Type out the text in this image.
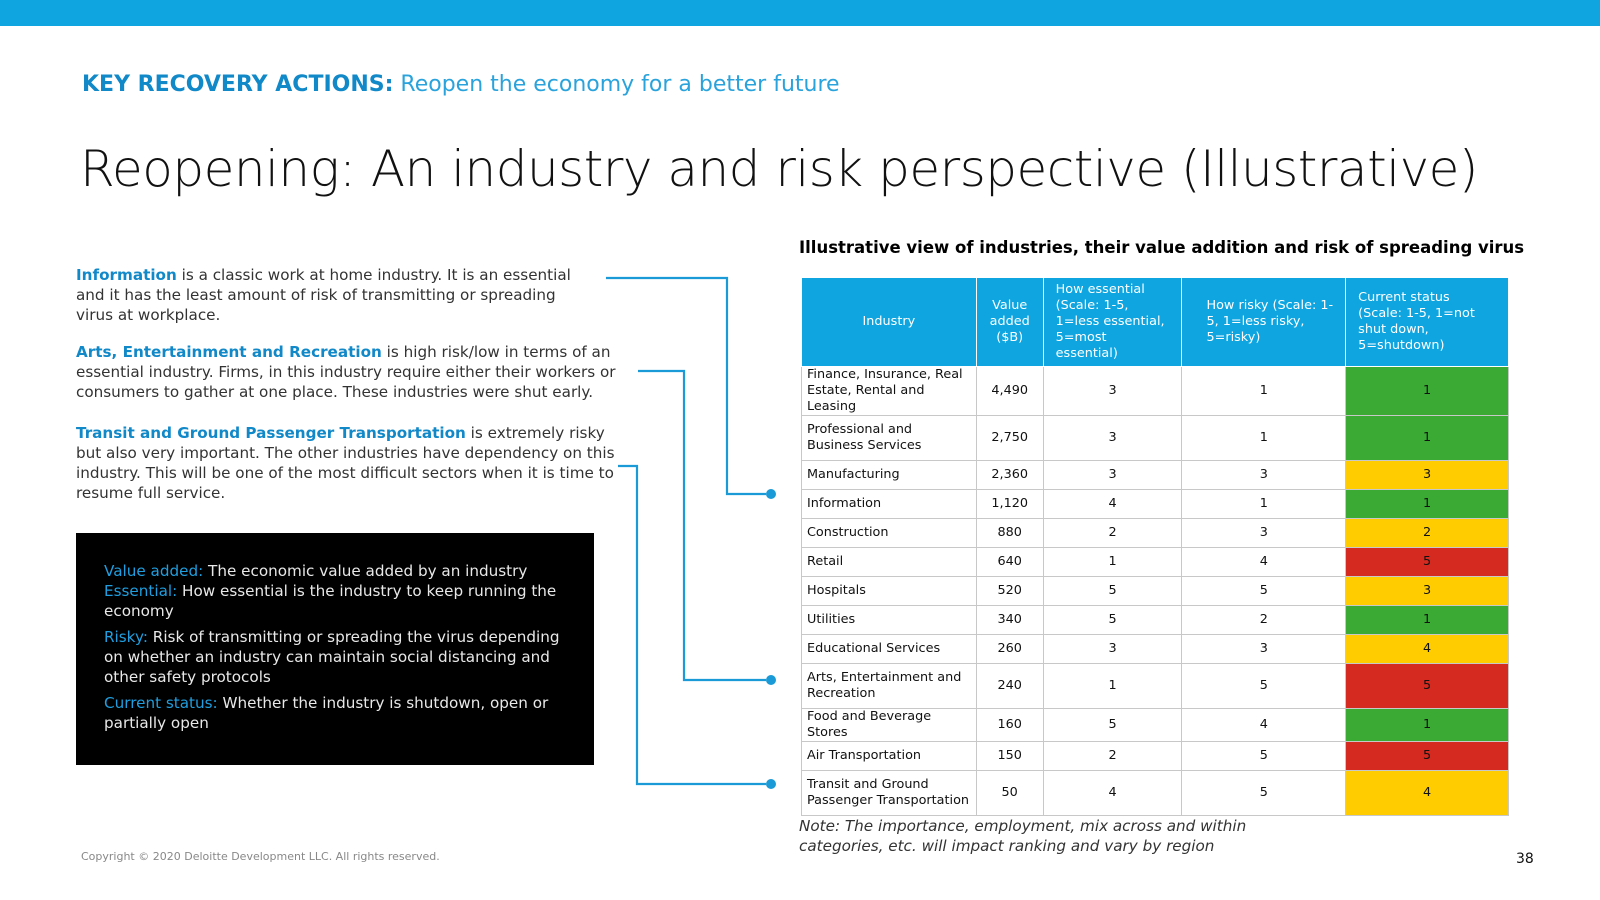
KEY RECOVERY ACTIONS: Reopen the economy for a better future
Reopening: An industry and risk perspective (Illustrative)

Information is a classic work at home industry. It is an essential and it has the least amount of risk of transmitting or spreading virus at workplace.

Arts, Entertainment and Recreation is high risk/low in terms of an essential industry. Firms, in this industry require either their workers or consumers to gather at one place. These industries were shut early.

Transit and Ground Passenger Transportation is extremely risky but also very important. The other industries have dependency on this industry. This will be one of the most difficult sectors when it is time to resume full service.

Value added: The economic value added by an industry
Essential: How essential is the industry to keep running the economy

Risky: Risk of transmitting or spreading the virus depending on whether an industry can maintain social distancing and other safety protocols

Current status: Whether the industry is shutdown, open or partially open

Illustrative view of industries, their value addition and risk of spreading virus
Industry	Value added ($B)	How essential (Scale: 1-5, 1=less essential, 5=most essential)	How risky (Scale: 1-5, 1=less risky, 5=risky)	Current status (Scale: 1-5, 1=not shut down, 5=shutdown)
Finance, Insurance, Real Estate, Rental and Leasing	4,490	3	1	1
Professional and Business Services	2,750	3	1	1
Manufacturing	2,360	3	3	3
Information	1,120	4	1	1
Construction	880	2	3	2
Retail	640	1	4	5
Hospitals	520	5	5	3
Utilities	340	5	2	1
Educational Services	260	3	3	4
Arts, Entertainment and Recreation	240	1	5	5
Food and Beverage Stores	160	5	4	1
Air Transportation	150	2	5	5
Transit and Ground Passenger Transportation	50	4	5	4

Note: The importance, employment, mix across and within categories, etc. will impact ranking and vary by region

Copyright © 2020 Deloitte Development LLC. All rights reserved.	38
